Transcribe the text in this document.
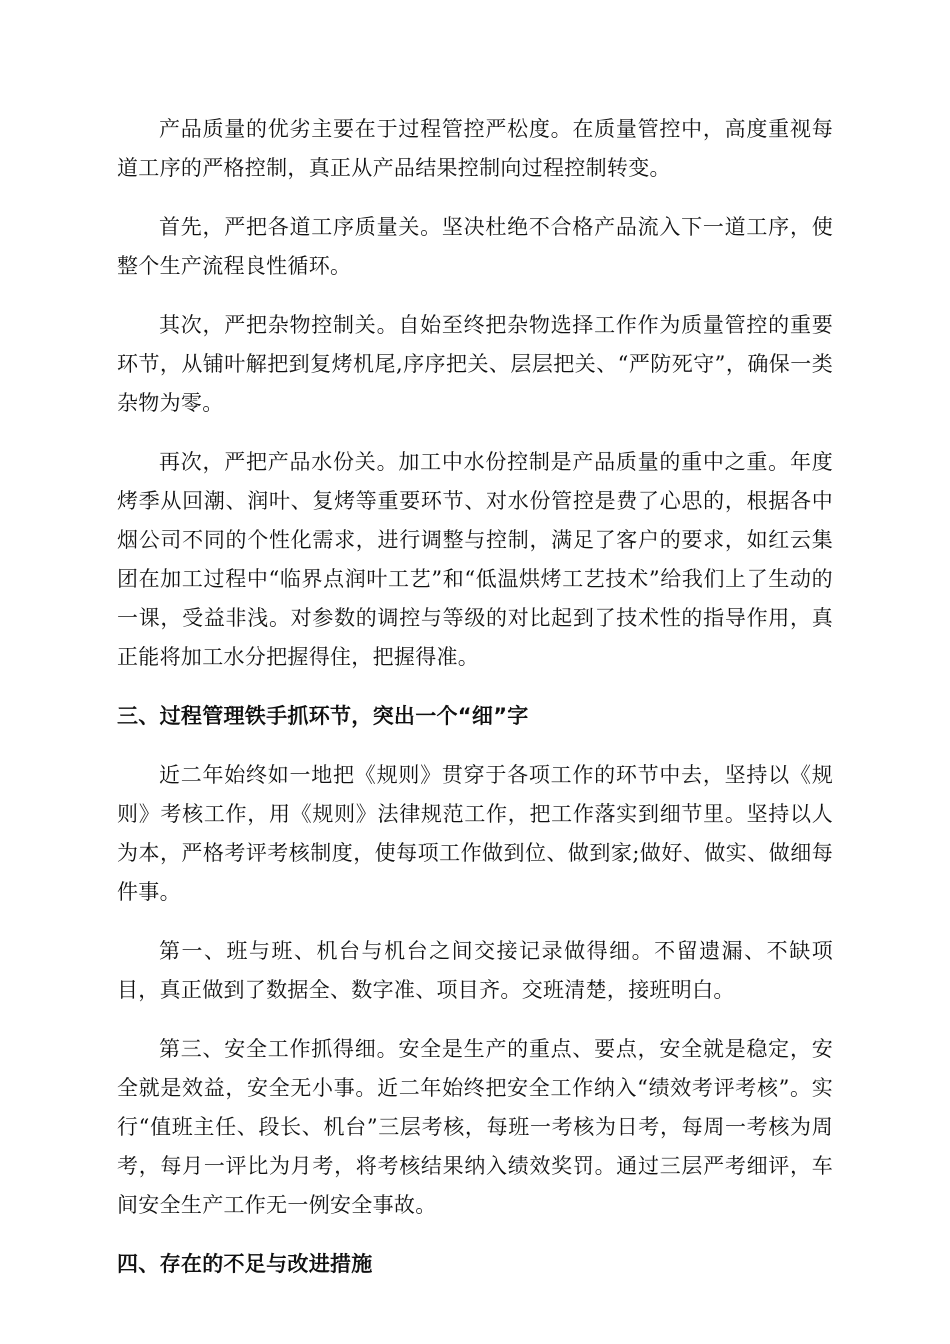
产品质量的优劣主要在于过程管控严松度。在质量管控中，高度重视每道工序的严格控制，真正从产品结果控制向过程控制转变。

首先，严把各道工序质量关。坚决杜绝不合格产品流入下一道工序，使整个生产流程良性循环。

其次，严把杂物控制关。自始至终把杂物选择工作作为质量管控的重要环节，从铺叶解把到复烤机尾,序序把关、层层把关、“严防死守”，确保一类杂物为零。

再次，严把产品水份关。加工中水份控制是产品质量的重中之重。年度烤季从回潮、润叶、复烤等重要环节、对水份管控是费了心思的，根据各中烟公司不同的个性化需求，进行调整与控制，满足了客户的要求，如红云集团在加工过程中“临界点润叶工艺”和“低温烘烤工艺技术”给我们上了生动的一课，受益非浅。对参数的调控与等级的对比起到了技术性的指导作用，真正能将加工水分把握得住，把握得准。

三、过程管理铁手抓环节，突出一个“细”字

近二年始终如一地把《规则》贯穿于各项工作的环节中去，坚持以《规则》考核工作，用《规则》法律规范工作，把工作落实到细节里。坚持以人为本，严格考评考核制度，使每项工作做到位、做到家;做好、做实、做细每件事。

第一、班与班、机台与机台之间交接记录做得细。不留遗漏、不缺项目，真正做到了数据全、数字准、项目齐。交班清楚，接班明白。

第三、安全工作抓得细。安全是生产的重点、要点，安全就是稳定，安全就是效益，安全无小事。近二年始终把安全工作纳入“绩效考评考核”。实行“值班主任、段长、机台”三层考核，每班一考核为日考，每周一考核为周考，每月一评比为月考，将考核结果纳入绩效奖罚。通过三层严考细评，车间安全生产工作无一例安全事故。

四、存在的不足与改进措施
